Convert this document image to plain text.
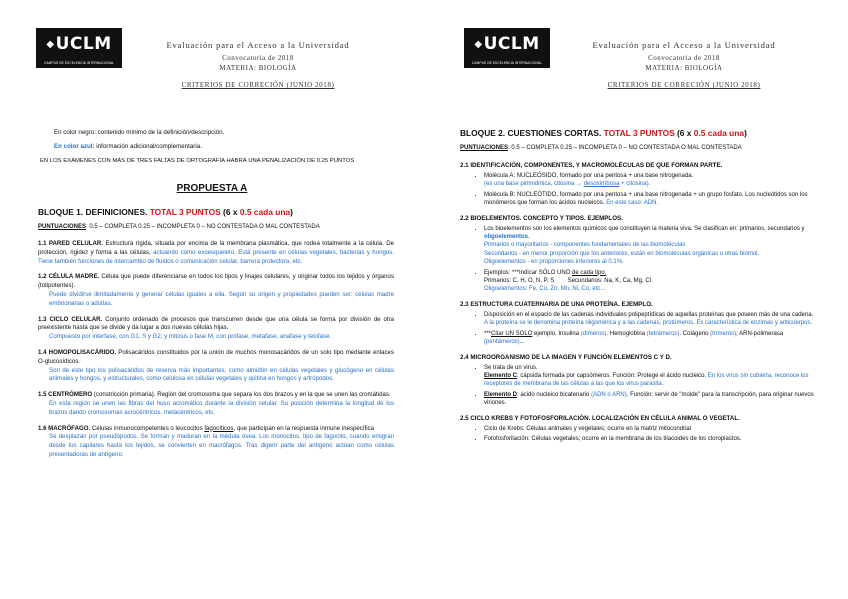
◆UCLM
CAMPUS DE EXCELENCIA INTERNACIONAL
Evaluación para el Acceso a la Universidad
Convocatoria de 2018
MATERIA: BIOLOGÍA
CRITERIOS DE CORRECIÓN (JUNIO 2018)
En color negro: contenido mínimo de la definición/descripción.
En color azul: información adicional/complementaria.
EN LOS EXÁMENES CON MÁS DE TRES FALTAS DE ORTOGRAFÍA HABRÁ UNA PENALIZACIÓN DE 0.25 PUNTOS
PROPUESTA A
BLOQUE 1. DEFINICIONES. TOTAL 3 PUNTOS (6 x 0.5 cada una)
PUNTUACIONES: 0.5 – COMPLETA 0.25 – INCOMPLETA 0 – NO CONTESTADA O MAL CONTESTADA
1.1 PARED CELULAR. Estructura rígida, situada por encima de la membrana plasmática, que rodea totalmente a la célula. De protección, rigidez y forma a las células, actuando como exoesqueleto. Está presente en células vegetales, bacterias y hongos. Tiene también funciones de intercambio de fluidos o comunicación celular, barrera protectora, etc.
1.2 CÉLULA MADRE. Célula que puede diferenciarse en todos los tipos y linajes celulares, y originar todos los tejidos y órganos (totipotentes).
Puede dividirse ilimitadamente y generar células iguales a ella. Según su origen y propiedades pueden ser: células madre embrionarias o adultas.
1.3 CICLO CELULAR. Conjunto ordenado de procesos que transcurren desde que una célula se forma por división de otra preexistente hasta que se divide y da lugar a dos nuevas células hijas.
Compuesto por interfase, con G1, S y G2, y mitosis o fase M, con profase, metafase, anafase y telofase.
1.4 HOMOPOLISACÁRIDO. Polisacáridos constituidos por la unión de muchos monosacáridos de un solo tipo mediante enlaces O-glucosídicos.
Son de este tipo los polisacáridos de reserva más importantes, como almidón en células vegetales y glucógeno en células animales y hongos, y estructurales, como celulosa en células vegetales y quitina en hongos y artrópodos.
1.5 CENTRÓMERO (constricción primaria). Región del cromosoma que separa los dos brazos y en la que se unen las cromátidas.
En esta región se unen las fibras del huso acromático durante la división celular. Su posición determina la longitud de los brazos dando cromosomas acrocéntricos, metacéntricos, etc.
1.6 MACRÓFAGO. Células inmunocompetentes o leucocitos fagocíticos, que participan en la respuesta inmune inespecífica
Se desplazan por pseudópodos. Se forman y maduran en la médula ósea. Los monocitos, tipo de fagocito, cuando emigran desde los capilares hasta los tejidos, se convierten en macrófagos. Tras digerir parte del antígeno actúan como células presentadoras de antígeno.
◆UCLM
CAMPUS DE EXCELENCIA INTERNACIONAL
Evaluación para el Acceso a la Universidad
Convocatoria de 2018
MATERIA: BIOLOGÍA
CRITERIOS DE CORRECIÓN (JUNIO 2018)
BLOQUE 2. CUESTIONES CORTAS. TOTAL 3 PUNTOS (6 x 0.5 cada una)
PUNTUACIONES: 0.5 – COMPLETA 0.25 – INCOMPLETA 0 – NO CONTESTADA O MAL CONTESTADA
2.1 IDENTIFICACIÓN, COMPONENTES, Y MACROMOLÉCULAS DE QUE FORMAN PARTE.
• Molécula A: NUCLEÓSIDO, formado por una pentosa + una base nitrogenada.
(es una base pirimidínica, citosina → desoxirribosa + citosina).
• Molécula B: NUCLEÓTIDO, formado por una pentosa + una base nitrogenada + un grupo fosfato. Los nucleótidos son los monómeros que forman los ácidos nucleicos. En este caso: ADN.
2.2 BIOELEMENTOS. CONCEPTO Y TIPOS. EJEMPLOS.
• Los bioelementos son los elementos químicos que constituyen la materia viva. Se clasifican en: primarios, secundarios y oligoelementos.
Primarios o mayoritarios - componentes fundamentales de las biomoléculas
Secundarios - en menor proporción que los anteriores, están en biomoléculas orgánicas u otras biomol.
Oligoelementos - en proporciones inferiores al 0.1%.
• Ejemplos: ***Indicar SÓLO UNO de cada tipo.
Primarios: C, H, O, N, P, S Secundarios: Na, K, Ca, Mg, Cl
Oligoelementos: Fe, Cu, Zn, Mn, Ni, Co, etc...
2.3 ESTRUCTURA CUATERNARIA DE UNA PROTEÍNA. EJEMPLO.
• Disposición en el espacio de las cadenas individuales polipeptídicas de aquellas proteínas que poseen más de una cadena.
A la proteína se le denomina proteína oligomérica y a las cadenas, protómeros. Es característica de enzimas y anticuerpos.
• ***Citar UN SOLO ejemplo. Insulina (dímeros). Hemoglobina (tetrámeros). Colágeno (trímeros); ARN-polimerasa (pentámeros)...
2.4 MICROORGANISMO DE LA IMAGEN Y FUNCIÓN ELEMENTOS C Y D.
• Se trata de un virus.
Elemento C: cápsida formada por capsómeros. Función: Protege el ácido nucleico. En los virus sin cubierta, reconoce los receptores de membrana de las células a las que los virus parasita.
• Elemento D: ácido nucleico bicatenario (ADN o ARN). Función: servir de "molde" para la transcripción, para originar nuevos viriones.
2.5 CICLO KREBS Y FOTOFOSFORILACIÓN. LOCALIZACIÓN EN CÉLULA ANIMAL O VEGETAL.
• Ciclo de Krebs: Células animales y vegetales; ocurre en la matriz mitocondrial
• Fotofosforilación: Células vegetales; ocurre en la membrana de los tilacoides de los cloroplastos.
